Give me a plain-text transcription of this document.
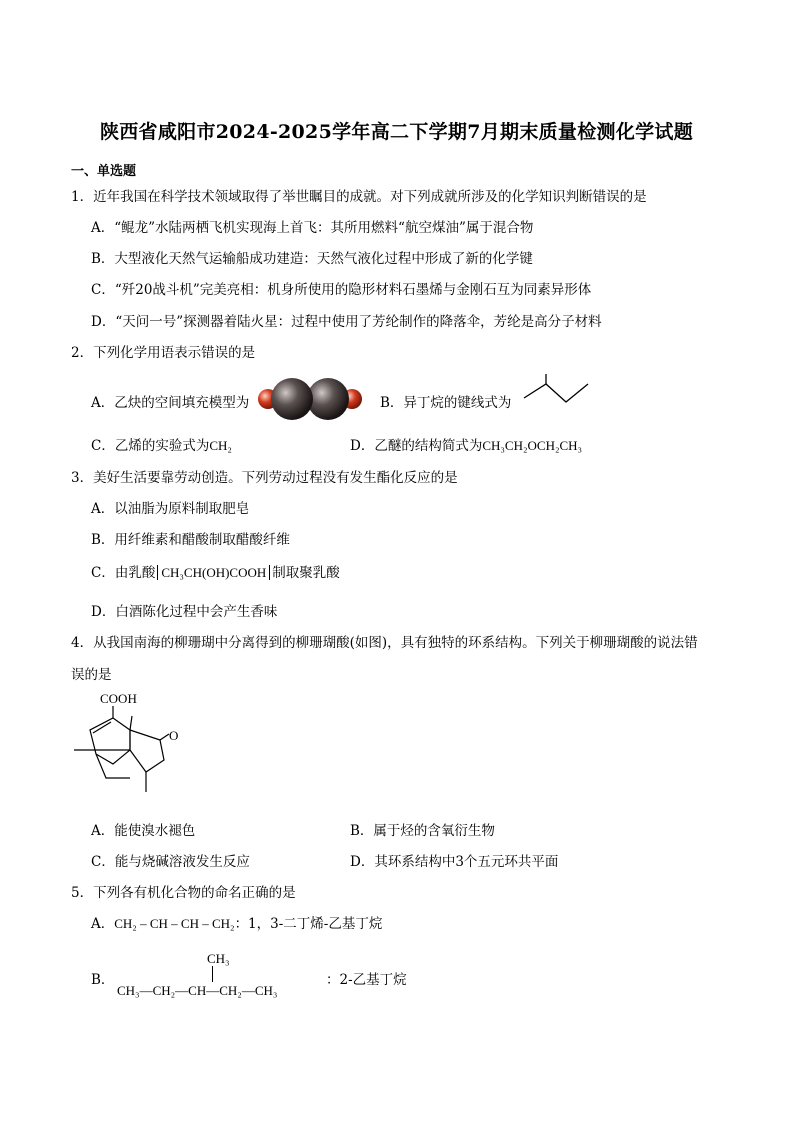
陕西省咸阳市2024-2025学年高二下学期7月期末质量检测化学试题
一、单选题
1．近年我国在科学技术领域取得了举世瞩目的成就。对下列成就所涉及的化学知识判断错误的是
A．“鲲龙”水陆两栖飞机实现海上首飞：其所用燃料“航空煤油”属于混合物
B．大型液化天然气运输船成功建造：天然气液化过程中形成了新的化学键
C．“歼20战斗机”完美亮相：机身所使用的隐形材料石墨烯与金刚石互为同素异形体
D．“天问一号”探测器着陆火星：过程中使用了芳纶制作的降落伞，芳纶是高分子材料
2．下列化学用语表示错误的是
A．乙炔的空间填充模型为	B．异丁烷的键线式为
C．乙烯的实验式为CH₂	D．乙醚的结构简式为CH₃CH₂OCH₂CH₃
3．美好生活要靠劳动创造。下列劳动过程没有发生酯化反应的是
A．以油脂为原料制取肥皂
B．用纤维素和醋酸制取醋酸纤维
C．由乳酸 CH₃CH(OH)COOH 制取聚乳酸
D．白酒陈化过程中会产生香味
4．从我国南海的柳珊瑚中分离得到的柳珊瑚酸(如图)，具有独特的环系结构。下列关于柳珊瑚酸的说法错
误的是
COOH
O
A．能使溴水褪色	B．属于烃的含氧衍生物
C．能与烧碱溶液发生反应	D．其环系结构中3个五元环共平面
5．下列各有机化合物的命名正确的是
A．CH₂ – CH – CH – CH₂：1，3-二丁烯-乙基丁烷
B．
CH₃
CH₃—CH₂—CH—CH₂—CH₃
：2-乙基丁烷
